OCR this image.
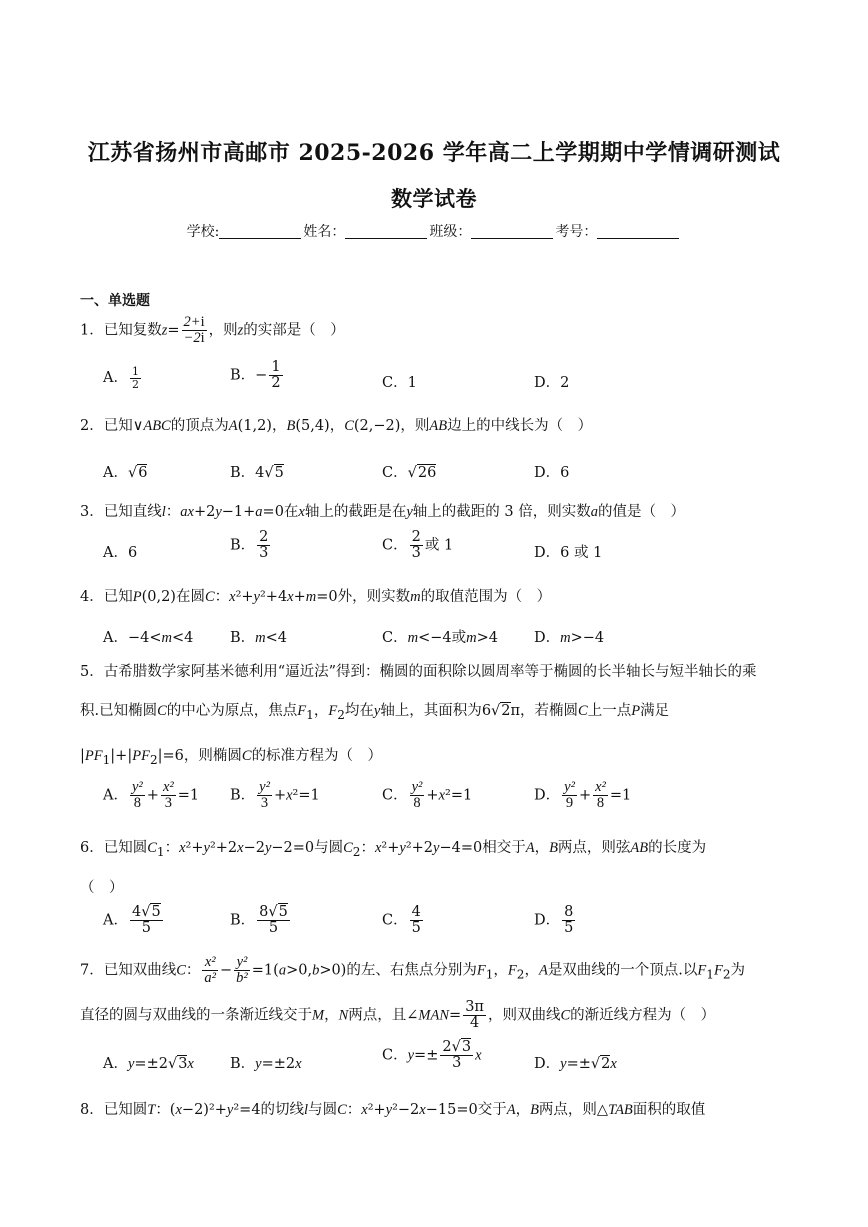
江苏省扬州市高邮市 2025-2026 学年高二上学期期中学情调研测试
数学试卷
学校:	姓名：	班级：	考号：
一、单选题
1．已知复数$z= \frac{2+i}{-2i}$ ，则z的实部是（　）
A． $\frac{1}{2}$	B．− $\frac{1}{2}$	C．1	D．2
2．已知∨ABC的顶点为A(1,2)，B(5,4)，C(2,−2)，则AB边上的中线长为（　）
A．√6	B．4√5	C．√26	D．6
3．已知直线l：ax+2y−1+a=0在x轴上的截距是在y轴上的截距的 3 倍，则实数a的值是（　）
A．6	B． $\frac{2}{3}$	C． $\frac{2}{3}$ 或 1	D．6 或 1
4．已知P(0,2)在圆C：x²+y²+4x+m=0外，则实数m的取值范围为（　）
A．−4<m<4	B．m<4	C．m<−4或m>4 D．m>−4
5．古希腊数学家阿基米德利用“逼近法”得到：椭圆的面积除以圆周率等于椭圆的长半轴长与短半轴长的乘
积.已知椭圆C的中心为原点，焦点$F_1$，$F_2$均在y轴上，其面积为6√2π，若椭圆C上一点P满足
$|PF_1|+|PF_2|=6$，则椭圆C的标准方程为（　）
A． $\frac{\text{y²}}{8} + \frac{\text{x²}}{3} =1$ B． $\frac{\text{y²}}{3} +x^2=1$	C． $\frac{\text{y²}}{8} +x^2=1$	D． $\frac{\text{y²}}{9} + \frac{\text{x²}}{8} =1$
6．已知圆$C_1$：x²+y²+2x−2y−2=0与圆$C_2$：x²+y²+2y−4=0相交于A，B两点，则弦AB的长度为
（　）
A． $\frac{4√5}{5}$	B． $\frac{8√5}{5}$	C． $\frac{4}{5}$	D． $\frac{8}{5}$
7．已知双曲线C： $\frac{\text{x²}}{\text{a²}} - \frac{\text{y²}}{\text{b²}} =1(a>0,b>0)$的左、右焦点分别为$F_1$，$F_2$，A是双曲线的一个顶点.以$F_1F_2$为
直径的圆与双曲线的一条渐近线交于M，N两点，且∠MAN= $\frac{3\pi}{4}$ ，则双曲线C的渐近线方程为（　）
A．y=±2√3x B．y=±2x
C．$y=\pm \frac{2√3}{3}$ x
D．y=±√2x
8．已知圆T：(x−2)²+y²=4的切线l与圆C：x²+y²−2x−15=0交于A，B两点，则△TAB面积的取值
